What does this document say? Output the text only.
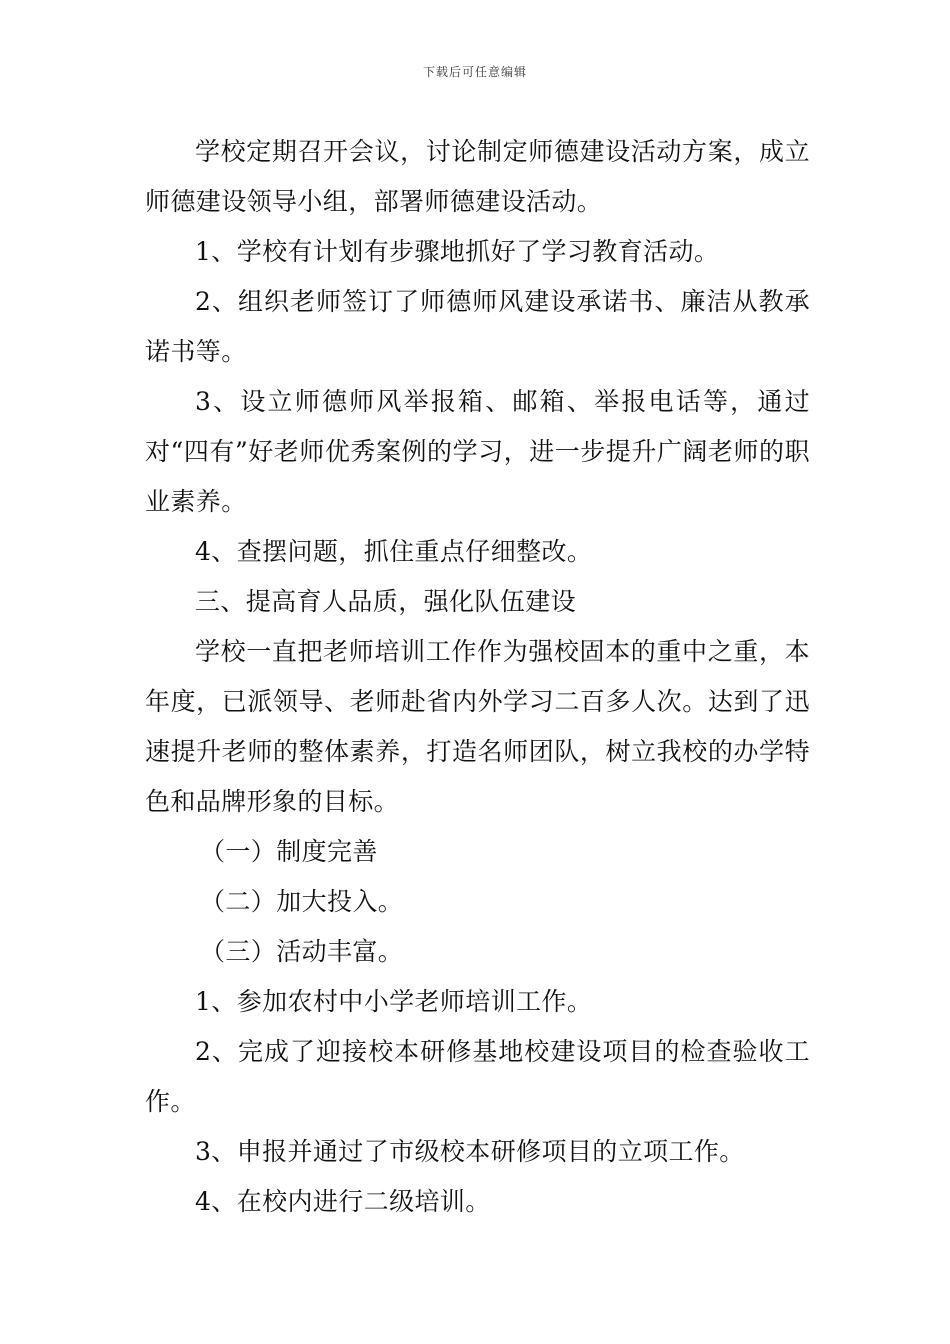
下载后可任意编辑

学校定期召开会议，讨论制定师德建设活动方案，成立师德建设领导小组，部署师德建设活动。

1、学校有计划有步骤地抓好了学习教育活动。

2、组织老师签订了师德师风建设承诺书、廉洁从教承诺书等。

3、设立师德师风举报箱、邮箱、举报电话等，通过对“四有”好老师优秀案例的学习，进一步提升广阔老师的职业素养。

4、查摆问题，抓住重点仔细整改。

三、提高育人品质，强化队伍建设

学校一直把老师培训工作作为强校固本的重中之重，本年度，已派领导、老师赴省内外学习二百多人次。达到了迅速提升老师的整体素养，打造名师团队，树立我校的办学特色和品牌形象的目标。

（一）制度完善

（二）加大投入。

（三）活动丰富。

1、参加农村中小学老师培训工作。

2、完成了迎接校本研修基地校建设项目的检查验收工作。

3、申报并通过了市级校本研修项目的立项工作。

4、在校内进行二级培训。
